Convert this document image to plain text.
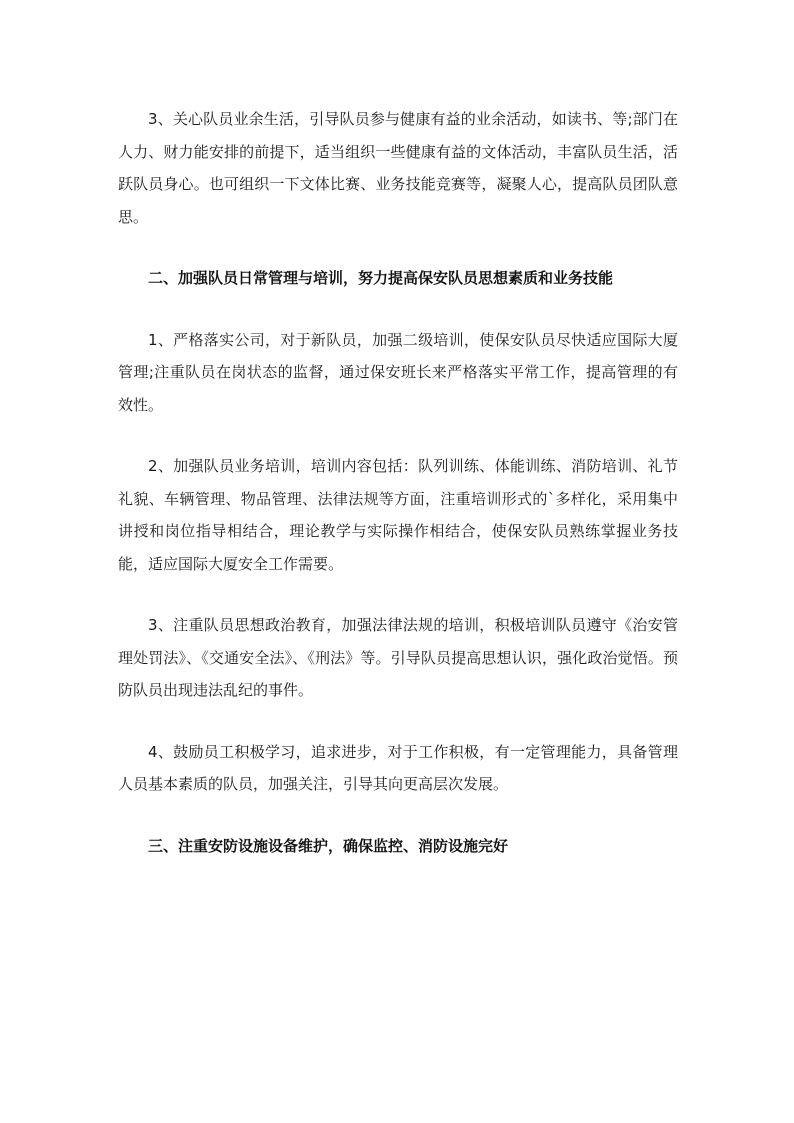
3、关心队员业余生活，引导队员参与健康有益的业余活动，如读书、等;部门在人力、财力能安排的前提下，适当组织一些健康有益的文体活动，丰富队员生活，活跃队员身心。也可组织一下文体比赛、业务技能竞赛等，凝聚人心，提高队员团队意思。

二、加强队员日常管理与培训，努力提高保安队员思想素质和业务技能

1、严格落实公司，对于新队员，加强二级培训，使保安队员尽快适应国际大厦管理;注重队员在岗状态的监督，通过保安班长来严格落实平常工作，提高管理的有效性。

2、加强队员业务培训，培训内容包括：队列训练、体能训练、消防培训、礼节礼貌、车辆管理、物品管理、法律法规等方面，注重培训形式的`多样化，采用集中讲授和岗位指导相结合，理论教学与实际操作相结合，使保安队员熟练掌握业务技能，适应国际大厦安全工作需要。

3、注重队员思想政治教育，加强法律法规的培训，积极培训队员遵守《治安管理处罚法》、《交通安全法》、《刑法》等。引导队员提高思想认识，强化政治觉悟。预防队员出现违法乱纪的事件。

4、鼓励员工积极学习，追求进步，对于工作积极，有一定管理能力，具备管理人员基本素质的队员，加强关注，引导其向更高层次发展。

三、注重安防设施设备维护，确保监控、消防设施完好
